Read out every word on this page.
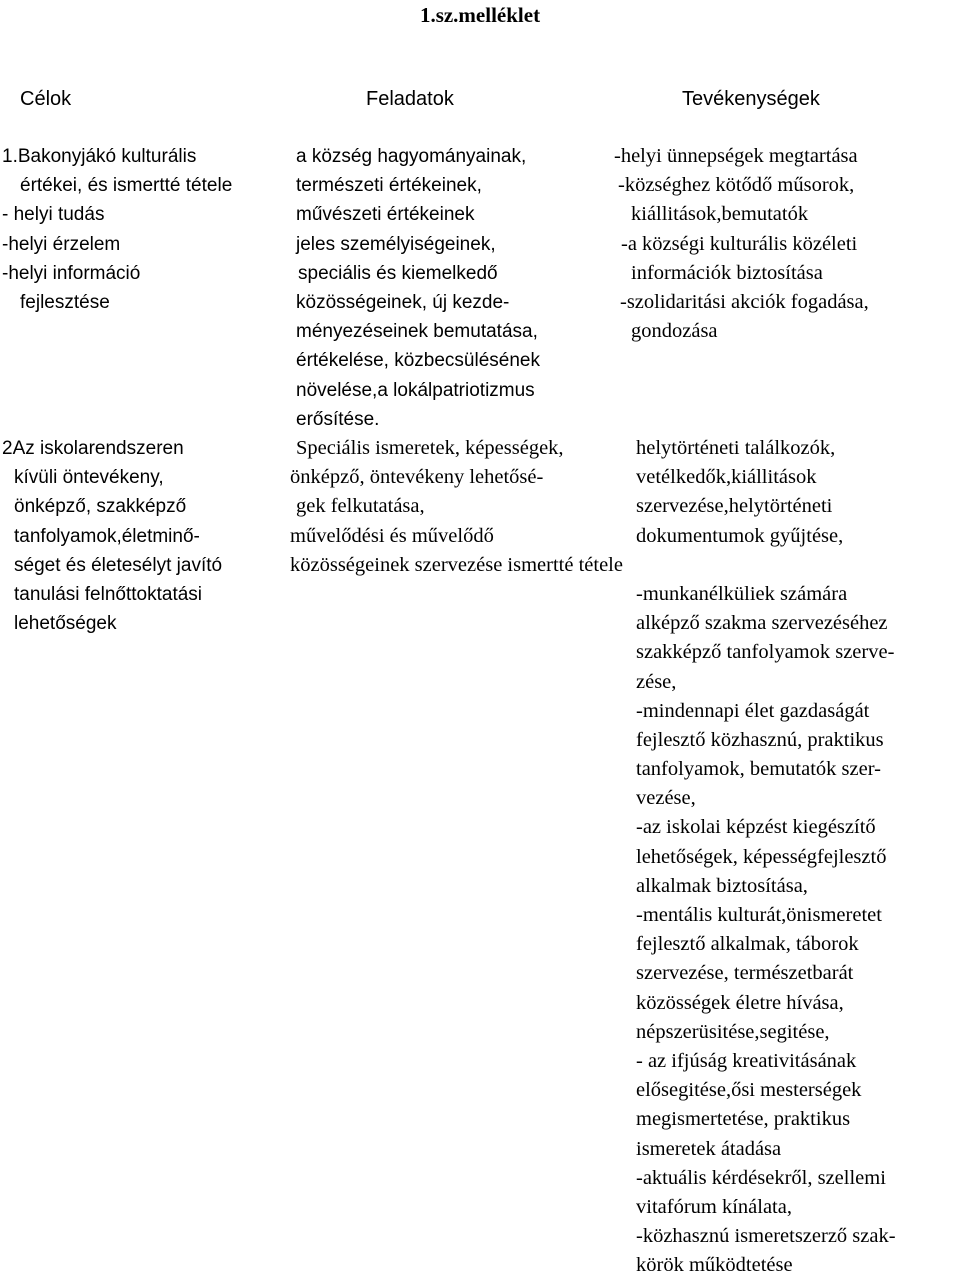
1.sz.melléklet
Célok	Feladatok	Tevékenységek
1.Bakonyjákó kulturális
értékei, és ismertté tétele
- helyi tudás
-helyi érzelem
-helyi információ
fejlesztése
a község hagyományainak,
természeti értékeinek,
művészeti értékeinek
jeles személyiségeinek,
speciális és kiemelkedő
közösségeinek, új kezde-
ményezéseinek bemutatása,
értékelése, közbecsülésének
növelése,a lokálpatriotizmus
erősítése.
-helyi ünnepségek megtartása
-községhez kötődő műsorok,
kiállitások,bemutatók
-a községi kulturális közéleti
információk biztosítása
-szolidaritási akciók fogadása,
gondozása
2Az iskolarendszeren
kívüli öntevékeny,
önképző, szakképző
tanfolyamok,életminő-
séget és életesélyt javító
tanulási felnőttoktatási
lehetőségek
Speciális ismeretek, képességek,
önképző, öntevékeny lehetősé-
gek felkutatása,
művelődési és művelődő
közösségeinek szervezése ismertté tétele
helytörténeti találkozók,
vetélkedők,kiállitások
szervezése,helytörténeti
dokumentumok gyűjtése,
-munkanélküliek számára
alképző szakma szervezéséhez
szakképző tanfolyamok szerve-
zése,
-mindennapi élet gazdaságát
fejlesztő közhasznú, praktikus
tanfolyamok, bemutatók szer-
vezése,
-az iskolai képzést kiegészítő
lehetőségek, képességfejlesztő
alkalmak biztosítása,
-mentális kulturát,önismeretet
fejlesztő alkalmak, táborok
szervezése, természetbarát
közösségek életre hívása,
népszerüsitése,segitése,
- az ifjúság kreativitásának
elősegitése,ősi mesterségek
megismertetése, praktikus
ismeretek átadása
-aktuális kérdésekről, szellemi
vitafórum kínálata,
-közhasznú ismeretszerző szak-
körök működtetése
